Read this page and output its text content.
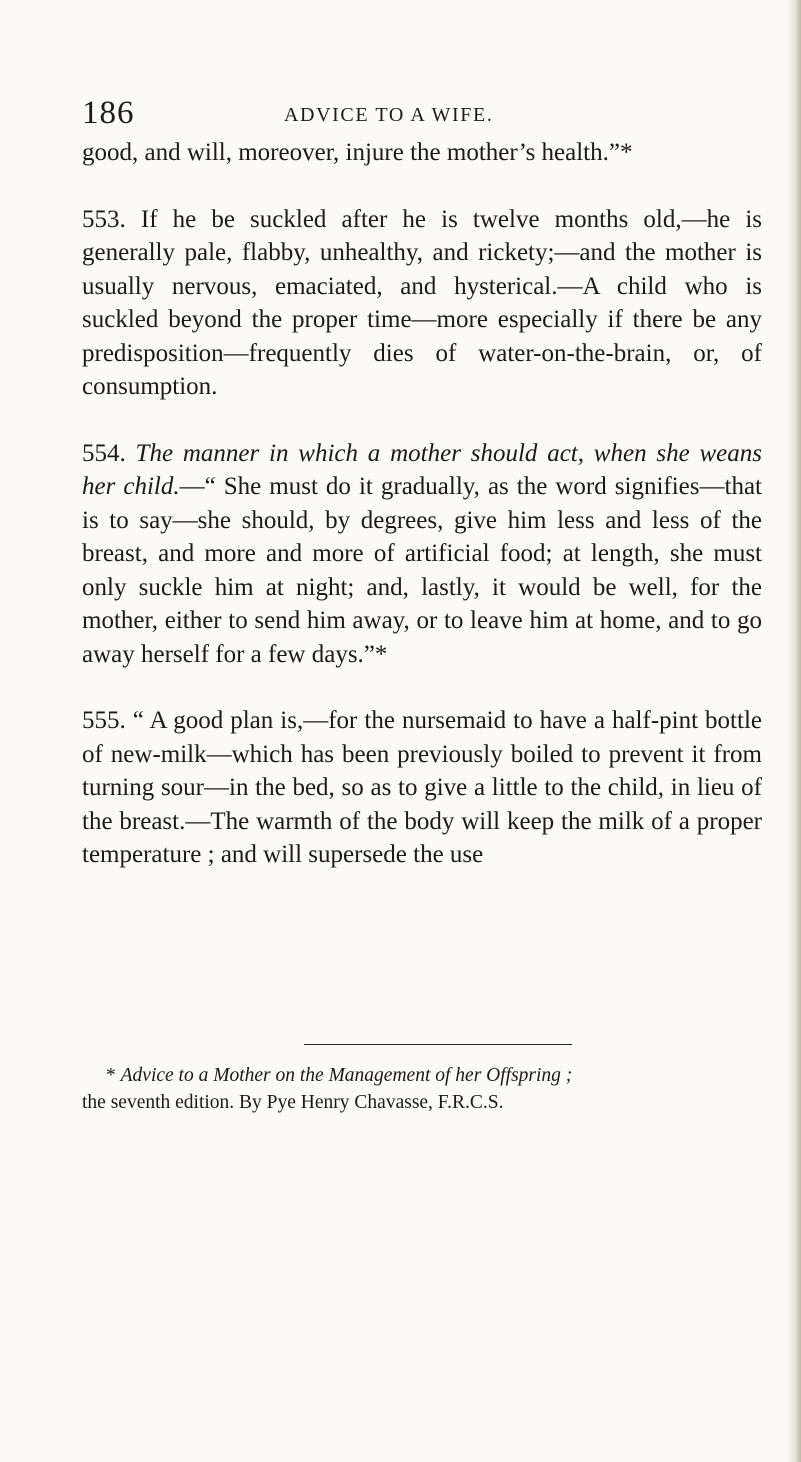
186	ADVICE TO A WIFE.

good, and will, moreover, injure the mother’s health.”*

553. If he be suckled after he is twelve months old,—he is generally pale, flabby, unhealthy, and rickety;—and the mother is usually nervous, emaciated, and hysterical.—A child who is suckled beyond the proper time—more especially if there be any predisposition—frequently dies of water-on-the-brain, or, of consumption.

554. The manner in which a mother should act, when she weans her child.—“ She must do it gradually, as the word signifies—that is to say—she should, by degrees, give him less and less of the breast, and more and more of artificial food; at length, she must only suckle him at night; and, lastly, it would be well, for the mother, either to send him away, or to leave him at home, and to go away herself for a few days.”*

555. “ A good plan is,—for the nursemaid to have a half-pint bottle of new-milk—which has been previously boiled to prevent it from turning sour—in the bed, so as to give a little to the child, in lieu of the breast.—The warmth of the body will keep the milk of a proper temperature ; and will supersede the use

* Advice to a Mother on the Management of her Offspring ;

the seventh edition. By Pye Henry Chavasse, F.R.C.S.
